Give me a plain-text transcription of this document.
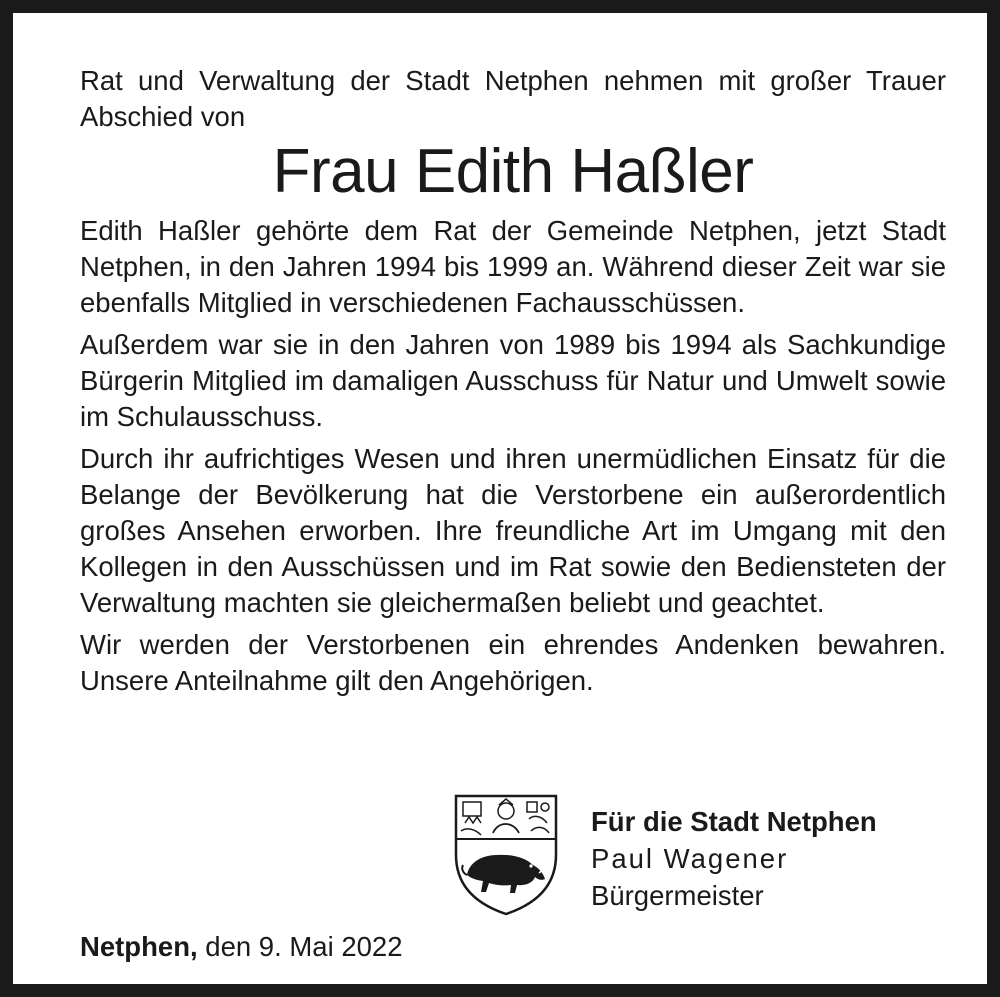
Rat und Verwaltung der Stadt Netphen nehmen mit großer Trauer Abschied von

Frau Edith Haßler

Edith Haßler gehörte dem Rat der Gemeinde Netphen, jetzt Stadt Netphen, in den Jahren 1994 bis 1999 an. Während dieser Zeit war sie ebenfalls Mitglied in verschiedenen Fachausschüssen.

Außerdem war sie in den Jahren von 1989 bis 1994 als Sachkundige Bürgerin Mitglied im damaligen Ausschuss für Natur und Umwelt sowie im Schulausschuss.

Durch ihr aufrichtiges Wesen und ihren unermüdlichen Einsatz für die Belange der Bevölkerung hat die Verstorbene ein außerordentlich großes Ansehen erworben. Ihre freundliche Art im Umgang mit den Kollegen in den Ausschüssen und im Rat sowie den Bediensteten der Verwaltung machten sie gleichermaßen beliebt und geachtet.

Wir werden der Verstorbenen ein ehrendes Andenken bewahren. Unsere Anteilnahme gilt den Angehörigen.

Für die Stadt Netphen
Paul Wagener
Bürgermeister
Netphen, den 9. Mai 2022
